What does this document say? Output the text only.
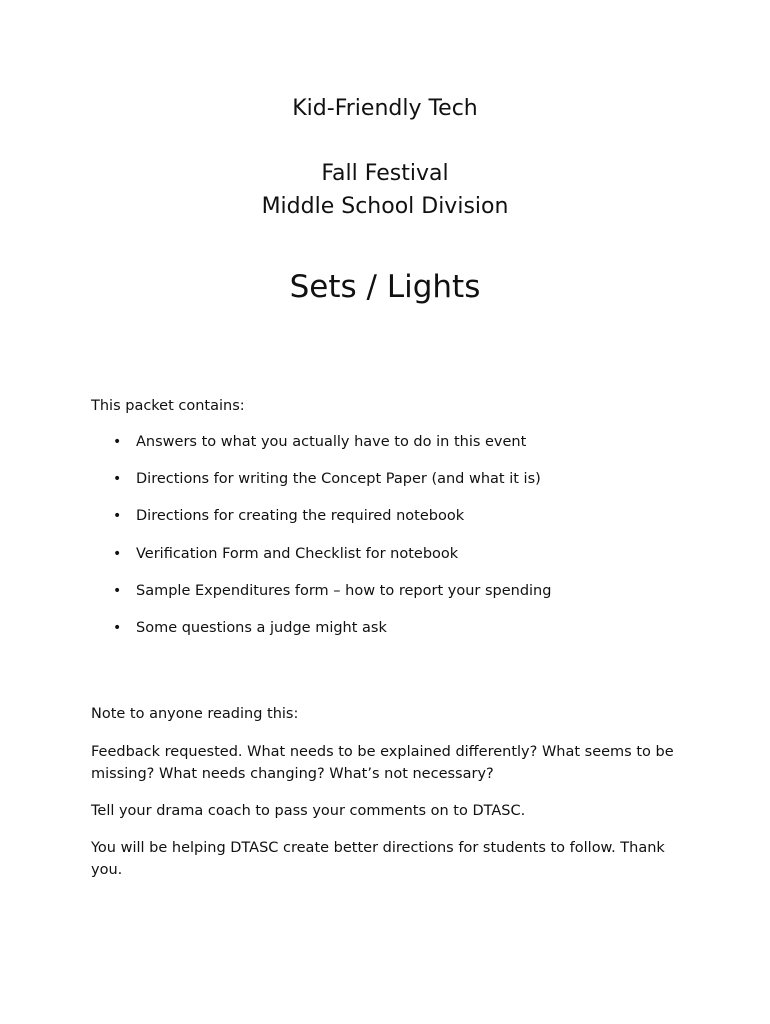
Kid-Friendly Tech
Fall Festival
Middle School Division
Sets / Lights
This packet contains:
• Answers to what you actually have to do in this event
• Directions for writing the Concept Paper (and what it is)
• Directions for creating the required notebook
• Verification Form and Checklist for notebook
• Sample Expenditures form – how to report your spending
• Some questions a judge might ask
Note to anyone reading this:
Feedback requested. What needs to be explained differently? What seems to be missing? What needs changing? What’s not necessary?
Tell your drama coach to pass your comments on to DTASC.
You will be helping DTASC create better directions for students to follow. Thank you.
